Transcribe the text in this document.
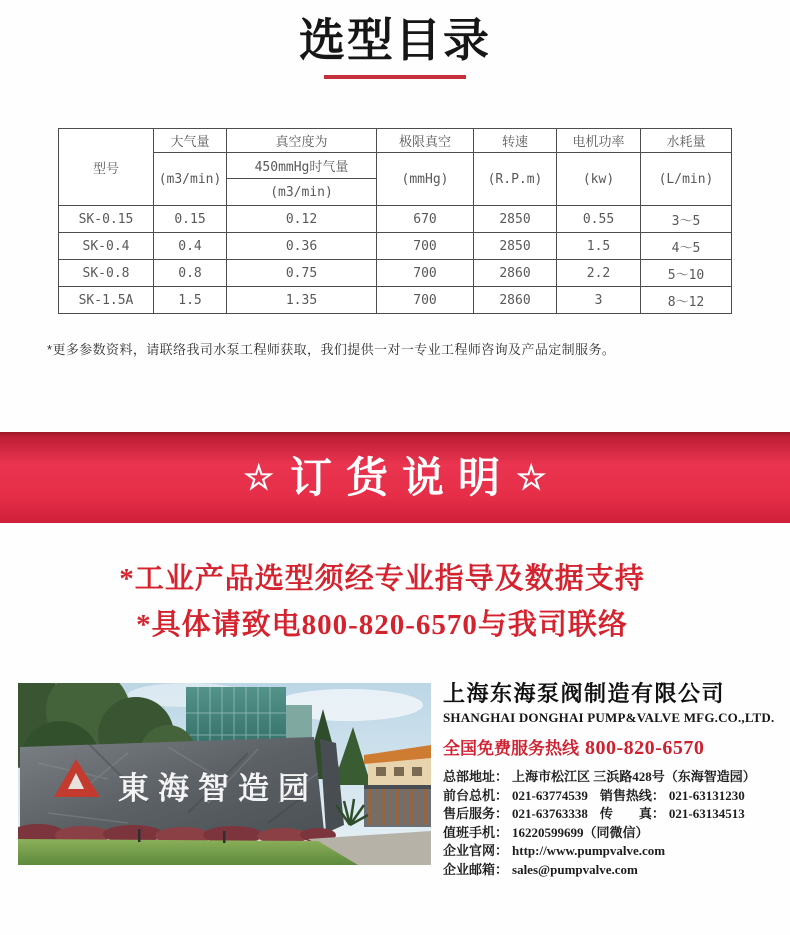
选型目录
型号	大气量	真空度为	极限真空	转速	电机功率	水耗量
	(m3/min)	450mmHg时气量	(mmHg)	(R.P.m)	(kw)	(L/min)
		(m3/min)				
SK-0.15	0.15	0.12	670	2850	0.55	3～5
SK-0.4	0.4	0.36	700	2850	1.5	4～5
SK-0.8	0.8	0.75	700	2860	2.2	5～10
SK-1.5A	1.5	1.35	700	2860	3	8～12
*更多参数资料，请联络我司水泵工程师获取，我们提供一对一专业工程师咨询及产品定制服务。
☆ 订货说明 ☆
*工业产品选型须经专业指导及数据支持
*具体请致电800-820-6570与我司联络
東海智造园
上海东海泵阀制造有限公司
SHANGHAI DONGHAI PUMP&VALVE MFG.CO.,LTD.
全国免费服务热线 800-820-6570
总部地址： 上海市松江区 三浜路428号（东海智造园）
前台总机： 021-63774539 销售热线： 021-63131230
售后服务： 021-63763338 传　　真： 021-63134513
值班手机： 16220599699（同微信）
企业官网： http://www.pumpvalve.com
企业邮箱： sales@pumpvalve.com
